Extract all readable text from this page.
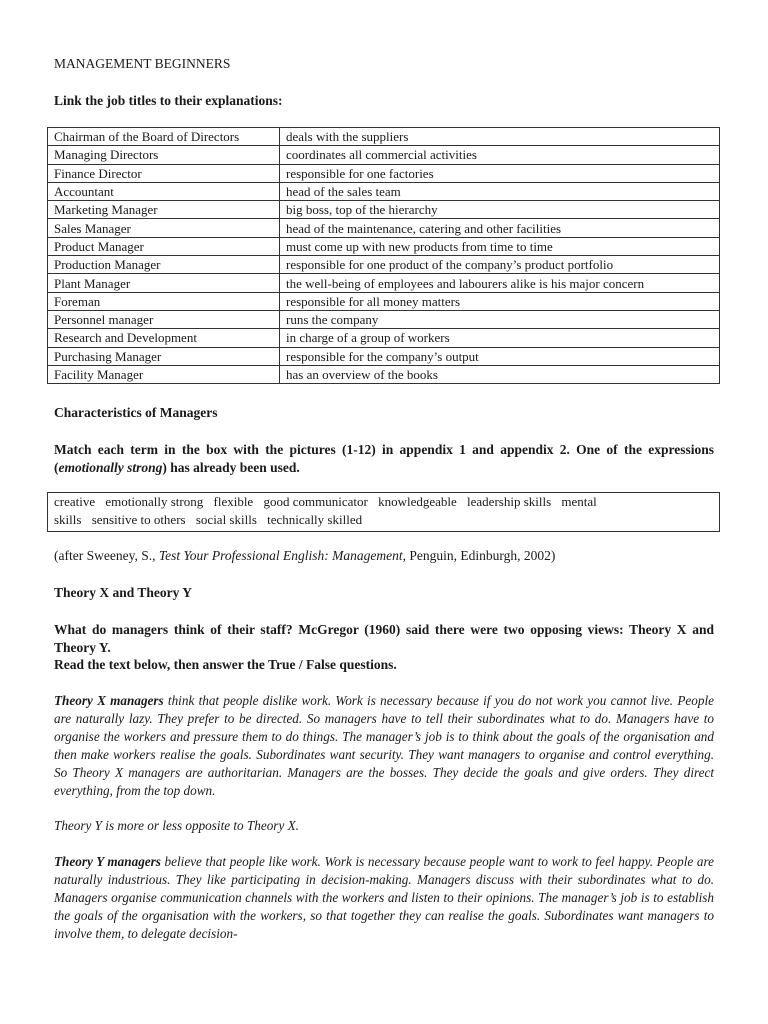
MANAGEMENT BEGINNERS
Link the job titles to their explanations:
Chairman of the Board of Directors	deals with the suppliers
Managing Directors	coordinates all commercial activities
Finance Director	responsible for one factories
Accountant	head of the sales team
Marketing Manager	big boss, top of the hierarchy
Sales Manager	head of the maintenance, catering and other facilities
Product Manager	must come up with new products from time to time
Production Manager	responsible for one product of the company’s product portfolio
Plant Manager	the well-being of employees and labourers alike is his major concern
Foreman	responsible for all money matters
Personnel manager	runs the company
Research and Development	in charge of a group of workers
Purchasing Manager	responsible for the company’s output
Facility Manager	has an overview of the books
Characteristics of Managers
Match each term in the box with the pictures (1-12) in appendix 1 and appendix 2. One of the expressions (emotionally strong) has already been used.
creative emotionally strong flexible good communicator knowledgeable leadership skills mental
skills sensitive to others social skills technically skilled
(after Sweeney, S., Test Your Professional English: Management, Penguin, Edinburgh, 2002)
Theory X and Theory Y
What do managers think of their staff? McGregor (1960) said there were two opposing views: Theory X and Theory Y.
Read the text below, then answer the True / False questions.
Theory X managers think that people dislike work. Work is necessary because if you do not work you cannot live. People are naturally lazy. They prefer to be directed. So managers have to tell their subordinates what to do. Managers have to organise the workers and pressure them to do things. The manager’s job is to think about the goals of the organisation and then make workers realise the goals. Subordinates want security. They want managers to organise and control everything. So Theory X managers are authoritarian. Managers are the bosses. They decide the goals and give orders. They direct everything, from the top down.
Theory Y is more or less opposite to Theory X.
Theory Y managers believe that people like work. Work is necessary because people want to work to feel happy. People are naturally industrious. They like participating in decision-making. Managers discuss with their subordinates what to do. Managers organise communication channels with the workers and listen to their opinions. The manager’s job is to establish the goals of the organisation with the workers, so that together they can realise the goals. Subordinates want managers to involve them, to delegate decision-
